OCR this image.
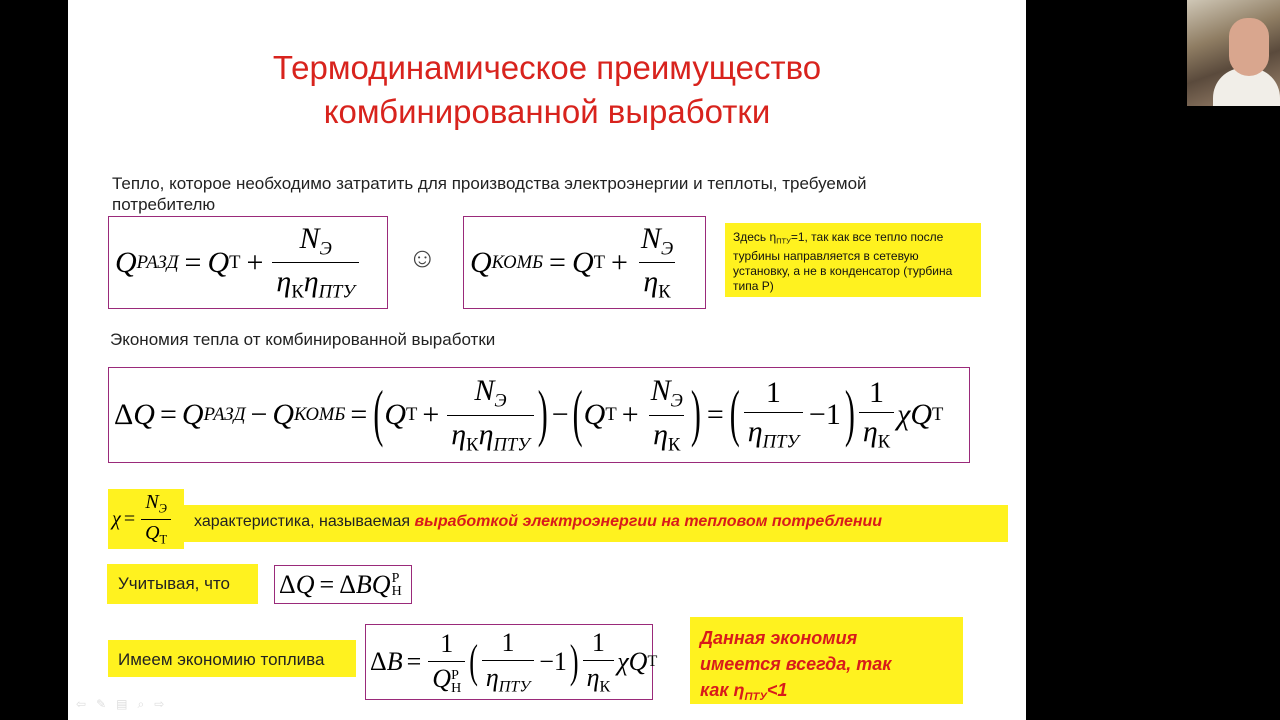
Термодинамическое преимущество
комбинированной выработки
Тепло, которое необходимо затратить для производства электроэнергии и теплоты, требуемой
потребителю
Q РАЗД = Q $Т + \frac{N_Э}{\eta_К\eta_{ПТУ}}$ ☺ Q КОМБ = Q $Т + \frac{N_Э}{\eta_К}$	Здесь $\eta_{ПТУ}=1$, так как все тепло после турбины направляется в сетевую установку, а не в конденсатор (турбина типа Р)
Экономия тепла от комбинированной выработки
Δ Q = Q РАЗД − Q КОМБ = ( Q $Т + \frac{N_Э}{\eta_К\eta_{ПТУ}}$ ) − ( Q $Т + \frac{N_Э}{\eta_К}$ ) = ( $\frac{1}{\eta_{ПТУ}} -1$ ) $\frac{1}{\eta_К}$ χQ Т
$\chi = \frac{N_Э}{Q_Т}$	характеристика, называемая выработкой электроэнергии на тепловом потреблении
Учитывая, что	Δ Q = Δ BQ Р
Н
Имеем экономию топлива	Δ B = 1
Q Р
Н ( $\frac{1}{\eta_{ПТУ}} -1$ ) $\frac{1}{\eta_К}$ χQ Т
Данная экономия
имеется всегда, так
как $\eta_{ПТУ}<1$
⇦ ✎ ▤ ⌕ ⇨
